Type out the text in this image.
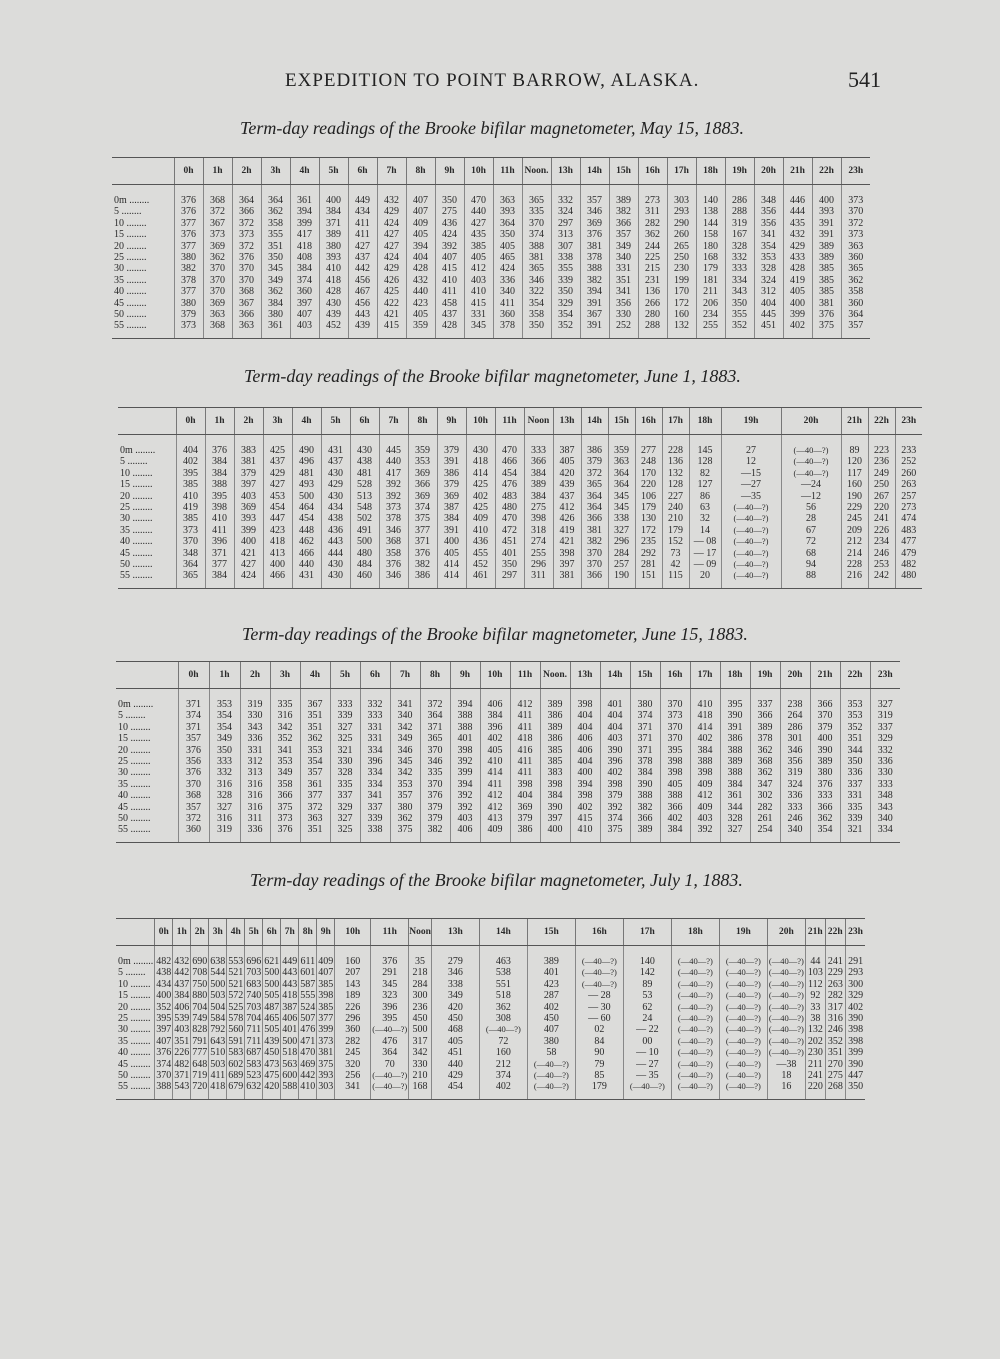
EXPEDITION TO POINT BARROW, ALASKA.	541
Term-day readings of the Brooke bifilar magnetometer, May 15, 1883.
	0h	1h	2h	3h	4h	5h	6h	7h	8h	9h	10h	11h	Noon.	13h	14h	15h	16h	17h	18h	19h	20h	21h	22h	23h
0m ........	376	368	364	364	361	400	449	432	407	350	470	363	365	332	357	389	273	303	140	286	348	446	400	373
5 ........	376	372	366	362	394	384	434	429	407	275	440	393	335	324	346	382	311	293	138	288	356	444	393	370
10 ........	377	367	372	358	399	371	411	424	409	436	427	364	370	297	369	366	282	290	144	319	356	435	391	372
15 ........	376	373	373	355	417	389	411	427	405	424	435	350	374	313	376	357	362	260	158	167	341	432	391	373
20 ........	377	369	372	351	418	380	427	427	394	392	385	405	388	307	381	349	244	265	180	328	354	429	389	363
25 ........	380	362	376	350	408	393	437	424	404	407	405	465	381	338	378	340	225	250	168	332	353	433	389	360
30 ........	382	370	370	345	384	410	442	429	428	415	412	424	365	355	388	331	215	230	179	333	328	428	385	365
35 ........	378	370	370	349	374	418	456	426	432	410	403	336	346	339	382	351	231	199	181	334	324	419	385	362
40 ........	377	370	368	362	360	428	467	425	440	411	410	340	322	350	394	341	136	170	211	343	312	405	385	358
45 ........	380	369	367	384	397	430	456	422	423	458	415	411	354	329	391	356	266	172	206	350	404	400	381	360
50 ........	379	363	366	380	407	439	443	421	405	437	331	360	358	354	367	330	280	160	234	355	445	399	376	364
55 ........	373	368	363	361	403	452	439	415	359	428	345	378	350	352	391	252	288	132	255	352	451	402	375	357
Term-day readings of the Brooke bifilar magnetometer, June 1, 1883.
	0h	1h	2h	3h	4h	5h	6h	7h	8h	9h	10h	11h	Noon	13h	14h	15h	16h	17h	18h	19h	20h	21h	22h	23h
0m ........	404	376	383	425	490	431	430	445	359	379	430	470	333	387	386	359	277	228	145	27	(—40—?)	89	223	233
5 ........	402	384	381	437	496	437	438	440	353	391	418	466	366	405	379	363	248	136	128	12	(—40—?)	120	236	252
10 ........	395	384	379	429	481	430	481	417	369	386	414	454	384	420	372	364	170	132	82	—15	(—40—?)	117	249	260
15 ........	385	388	397	427	493	429	528	392	366	379	425	476	389	439	365	364	220	128	127	—27	—24	160	250	263
20 ........	410	395	403	453	500	430	513	392	369	369	402	483	384	437	364	345	106	227	86	—35	—12	190	267	257
25 ........	419	398	369	454	464	434	548	373	374	387	425	480	275	412	364	345	179	240	63	(—40—?)	56	229	220	273
30 ........	385	410	393	447	454	438	502	378	375	384	409	470	398	426	366	338	130	210	32	(—40—?)	28	245	241	474
35 ........	373	411	399	423	448	436	491	346	377	391	410	472	318	419	381	327	172	179	14	(—40—?)	67	209	226	483
40 ........	370	396	400	418	462	443	500	368	371	400	436	451	274	421	382	296	235	152	— 08	(—40—?)	72	212	234	477
45 ........	348	371	421	413	466	444	480	358	376	405	455	401	255	398	370	284	292	73	— 17	(—40—?)	68	214	246	479
50 ........	364	377	427	400	440	430	484	376	382	414	452	350	296	397	370	257	281	42	— 09	(—40—?)	94	228	253	482
55 ........	365	384	424	466	431	430	460	346	386	414	461	297	311	381	366	190	151	115	20	(—40—?)	88	216	242	480
Term-day readings of the Brooke bifilar magnetometer, June 15, 1883.
	0h	1h	2h	3h	4h	5h	6h	7h	8h	9h	10h	11h	Noon.	13h	14h	15h	16h	17h	18h	19h	20h	21h	22h	23h
0m ........	371	353	319	335	367	333	332	341	372	394	406	412	389	398	401	380	370	410	395	337	238	366	353	327
5 ........	374	354	330	316	351	339	333	340	364	388	384	411	386	404	404	374	373	418	390	366	264	370	353	319
10 ........	371	354	343	342	351	327	331	342	371	388	396	411	389	404	404	371	370	414	391	389	286	379	352	337
15 ........	357	349	336	352	362	325	331	349	365	401	402	418	386	406	403	371	370	402	386	378	301	400	351	329
20 ........	376	350	331	341	353	321	334	346	370	398	405	416	385	406	390	371	395	384	388	362	346	390	344	332
25 ........	356	333	312	353	354	330	396	345	346	392	410	411	385	404	396	378	398	388	389	368	356	389	350	336
30 ........	376	332	313	349	357	328	334	342	335	399	414	411	383	400	402	384	398	398	388	362	319	380	336	330
35 ........	370	316	316	358	361	335	334	353	370	394	411	398	398	394	398	390	405	409	384	347	324	376	337	333
40 ........	368	328	316	366	377	337	341	357	376	392	412	404	384	398	379	388	388	412	361	302	336	333	331	348
45 ........	357	327	316	375	372	329	337	380	379	392	412	369	390	402	392	382	366	409	344	282	333	366	335	343
50 ........	372	316	311	373	363	327	339	362	379	403	413	379	397	415	374	366	402	403	328	261	246	362	339	340
55 ........	360	319	336	376	351	325	338	375	382	406	409	386	400	410	375	389	384	392	327	254	340	354	321	334
Term-day readings of the Brooke bifilar magnetometer, July 1, 1883.
	0h	1h	2h	3h	4h	5h	6h	7h	8h	9h	10h	11h	Noon	13h	14h	15h	16h	17h	18h	19h	20h	21h	22h	23h
0m ........	482	432	690	638	553	696	621	449	611	409	160	376	35	279	463	389	(—40—?)	140	(—40—?)	(—40—?)	(—40—?)	44	241	291
5 ........	438	442	708	544	521	703	500	443	601	407	207	291	218	346	538	401	(—40—?)	142	(—40—?)	(—40—?)	(—40—?)	103	229	293
10 ........	434	437	750	500	521	683	500	443	587	385	143	345	284	338	551	423	(—40—?)	89	(—40—?)	(—40—?)	(—40—?)	112	263	300
15 ........	400	384	880	503	572	740	505	418	555	398	189	323	300	349	518	287	— 28	53	(—40—?)	(—40—?)	(—40—?)	92	282	329
20 ........	352	406	704	504	525	703	487	387	524	385	226	396	236	420	362	402	— 30	62	(—40—?)	(—40—?)	(—40—?)	33	317	402
25 ........	395	539	749	584	578	704	465	406	507	377	296	395	450	450	308	450	— 60	24	(—40—?)	(—40—?)	(—40—?)	38	316	390
30 ........	397	403	828	792	560	711	505	401	476	399	360	(—40—?)	500	468	(—40—?)	407	02	— 22	(—40—?)	(—40—?)	(—40—?)	132	246	398
35 ........	407	351	791	643	591	711	439	500	471	373	282	476	317	405	72	380	84	00	(—40—?)	(—40—?)	(—40—?)	202	352	398
40 ........	376	226	777	510	583	687	450	518	470	381	245	364	342	451	160	58	90	— 10	(—40—?)	(—40—?)	(—40—?)	230	351	399
45 ........	374	482	648	503	602	583	473	563	469	375	320	70	330	440	212	(—40—?)	79	— 27	(—40—?)	(—40—?)	—38	211	270	390
50 ........	370	371	719	411	689	523	475	600	442	393	256	(—40—?)	210	429	374	(—40—?)	85	— 35	(—40—?)	(—40—?)	18	241	275	447
55 ........	388	543	720	418	679	632	420	588	410	303	341	(—40—?)	168	454	402	(—40—?)	179	(—40—?)	(—40—?)	(—40—?)	16	220	268	350
